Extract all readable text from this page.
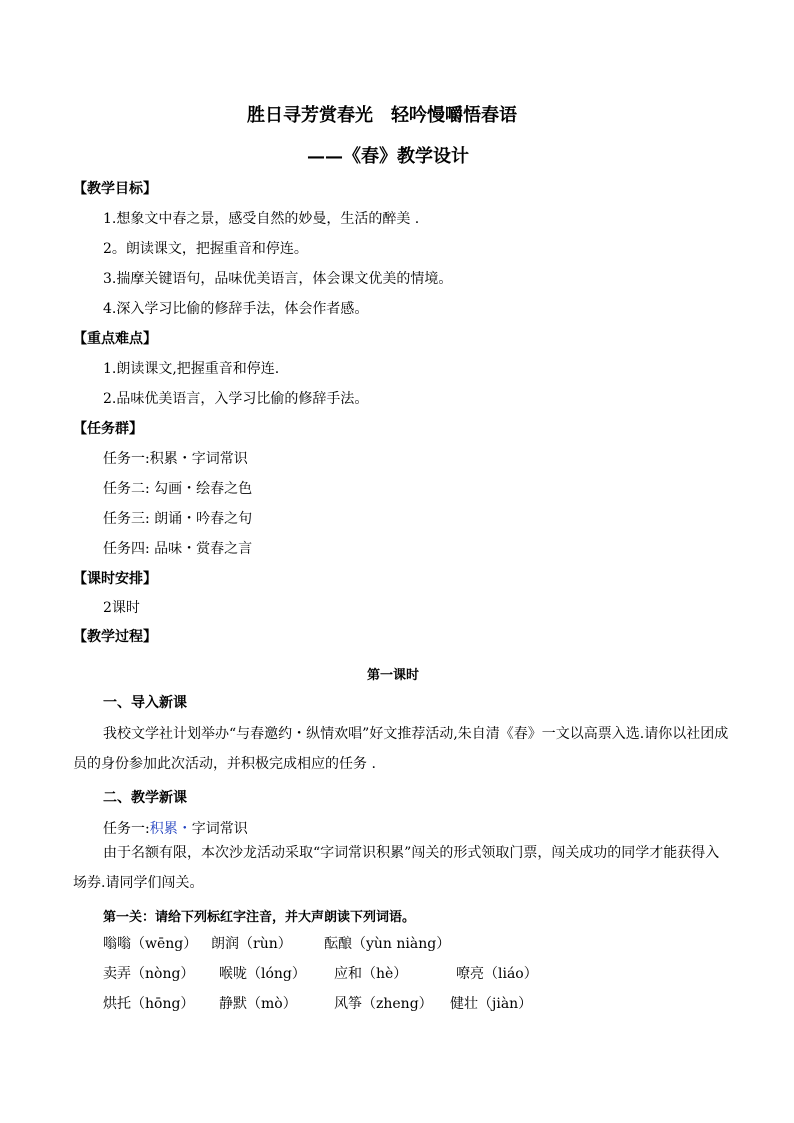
胜日寻芳赏春光　轻吟慢嚼悟春语
——《春》教学设计
【教学目标】
1.想象文中春之景，感受自然的妙曼，生活的醉美 .
2。朗读课文，把握重音和停连。
3.揣摩关键语句，品味优美语言，体会课文优美的情境。
4.深入学习比偷的修辞手法，体会作者感。
【重点难点】
1.朗读课文,把握重音和停连.
2.品味优美语言，入学习比偷的修辞手法。
【任务群】
任务一:积累・字词常识
任务二: 勾画・绘春之色
任务三: 朗诵・吟春之句
任务四: 品味・赏春之言
【课时安排】
2课时
【教学过程】
第一课时
一、导入新课
我校文学社计划举办“与春邀约・纵情欢唱”好文推荐活动,朱自清《春》一文以高票入选.请你以社团成员的身份参加此次活动，并积极完成相应的任务 .
二、教学新课
任务一:积累・字词常识
由于名额有限，本次沙龙活动采取“字词常识积累”闯关的形式领取门票，闯关成功的同学才能获得入场券.请同学们闯关。
第一关：请给下列标红字注音，并大声朗读下列词语。
嗡嗡（wēng） 朗润（rùn） 酝酿（yùn niàng）
卖弄（nòng） 喉咙（lóng） 应和（hè）	嘹亮（liáo）
烘托（hōng） 静默（mò）	风筝（zheng） 健壮（jiàn）
